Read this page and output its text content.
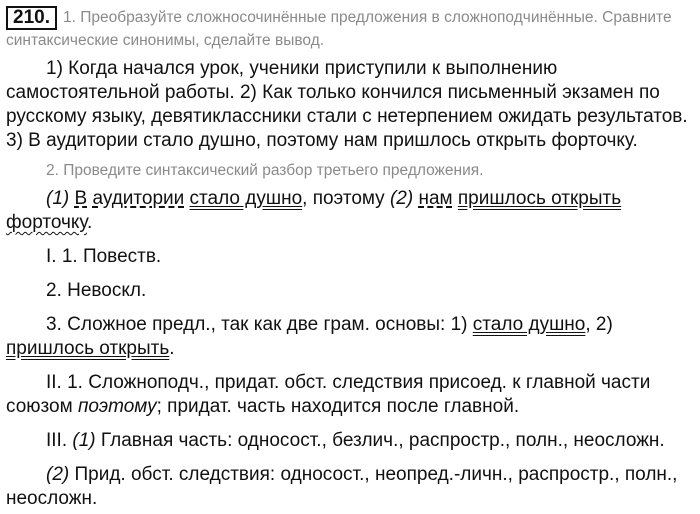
210. 1. Преобразуйте сложносочинённые предложения в сложноподчинённые. Сравните синтаксические синонимы, сделайте вывод.

1) Когда начался урок, ученики приступили к выполнению самостоятельной работы. 2) Как только кончился письменный экзамен по русскому языку, девятиклассники стали с нетерпением ожидать результатов. 3) В аудитории стало душно, поэтому нам пришлось открыть форточку.

2. Проведите синтаксический разбор третьего предложения.

(1) В аудитории стало душно, поэтому (2) нам пришлось открыть форточку.

I. 1. Повеств.

2. Невоскл.

3. Сложное предл., так как две грам. основы: 1) стало душно, 2) пришлось открыть.

II. 1. Сложноподч., придат. обст. следствия присоед. к главной части союзом поэтому; придат. часть находится после главной.

III. (1) Главная часть: односост., безлич., распростр., полн., неосложн.

(2) Прид. обст. следствия: односост., неопред.-личн., распростр., полн., неосложн.
